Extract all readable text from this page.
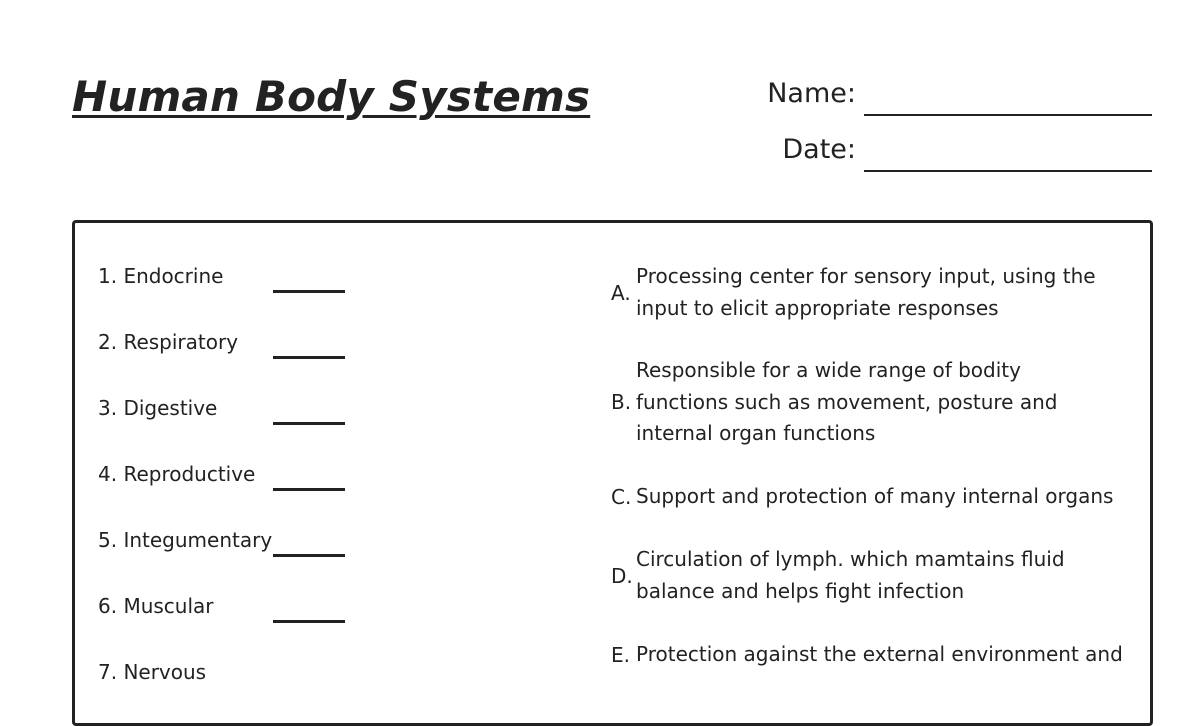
Human Body Systems	Name:
Date:
1. Endocrine
2. Respiratory
3. Digestive
4. Reproductive
5. Integumentary
6. Muscular
7. Nervous
A.
Processing center for sensory input, using the input to elicit appropriate responses
B.
Responsible for a wide range of bodity functions such as movement, posture and internal organ functions
C. Support and protection of many internal organs
D.
Circulation of lymph. which mamtains fluid balance and helps fight infection
E. Protection against the external environment and
